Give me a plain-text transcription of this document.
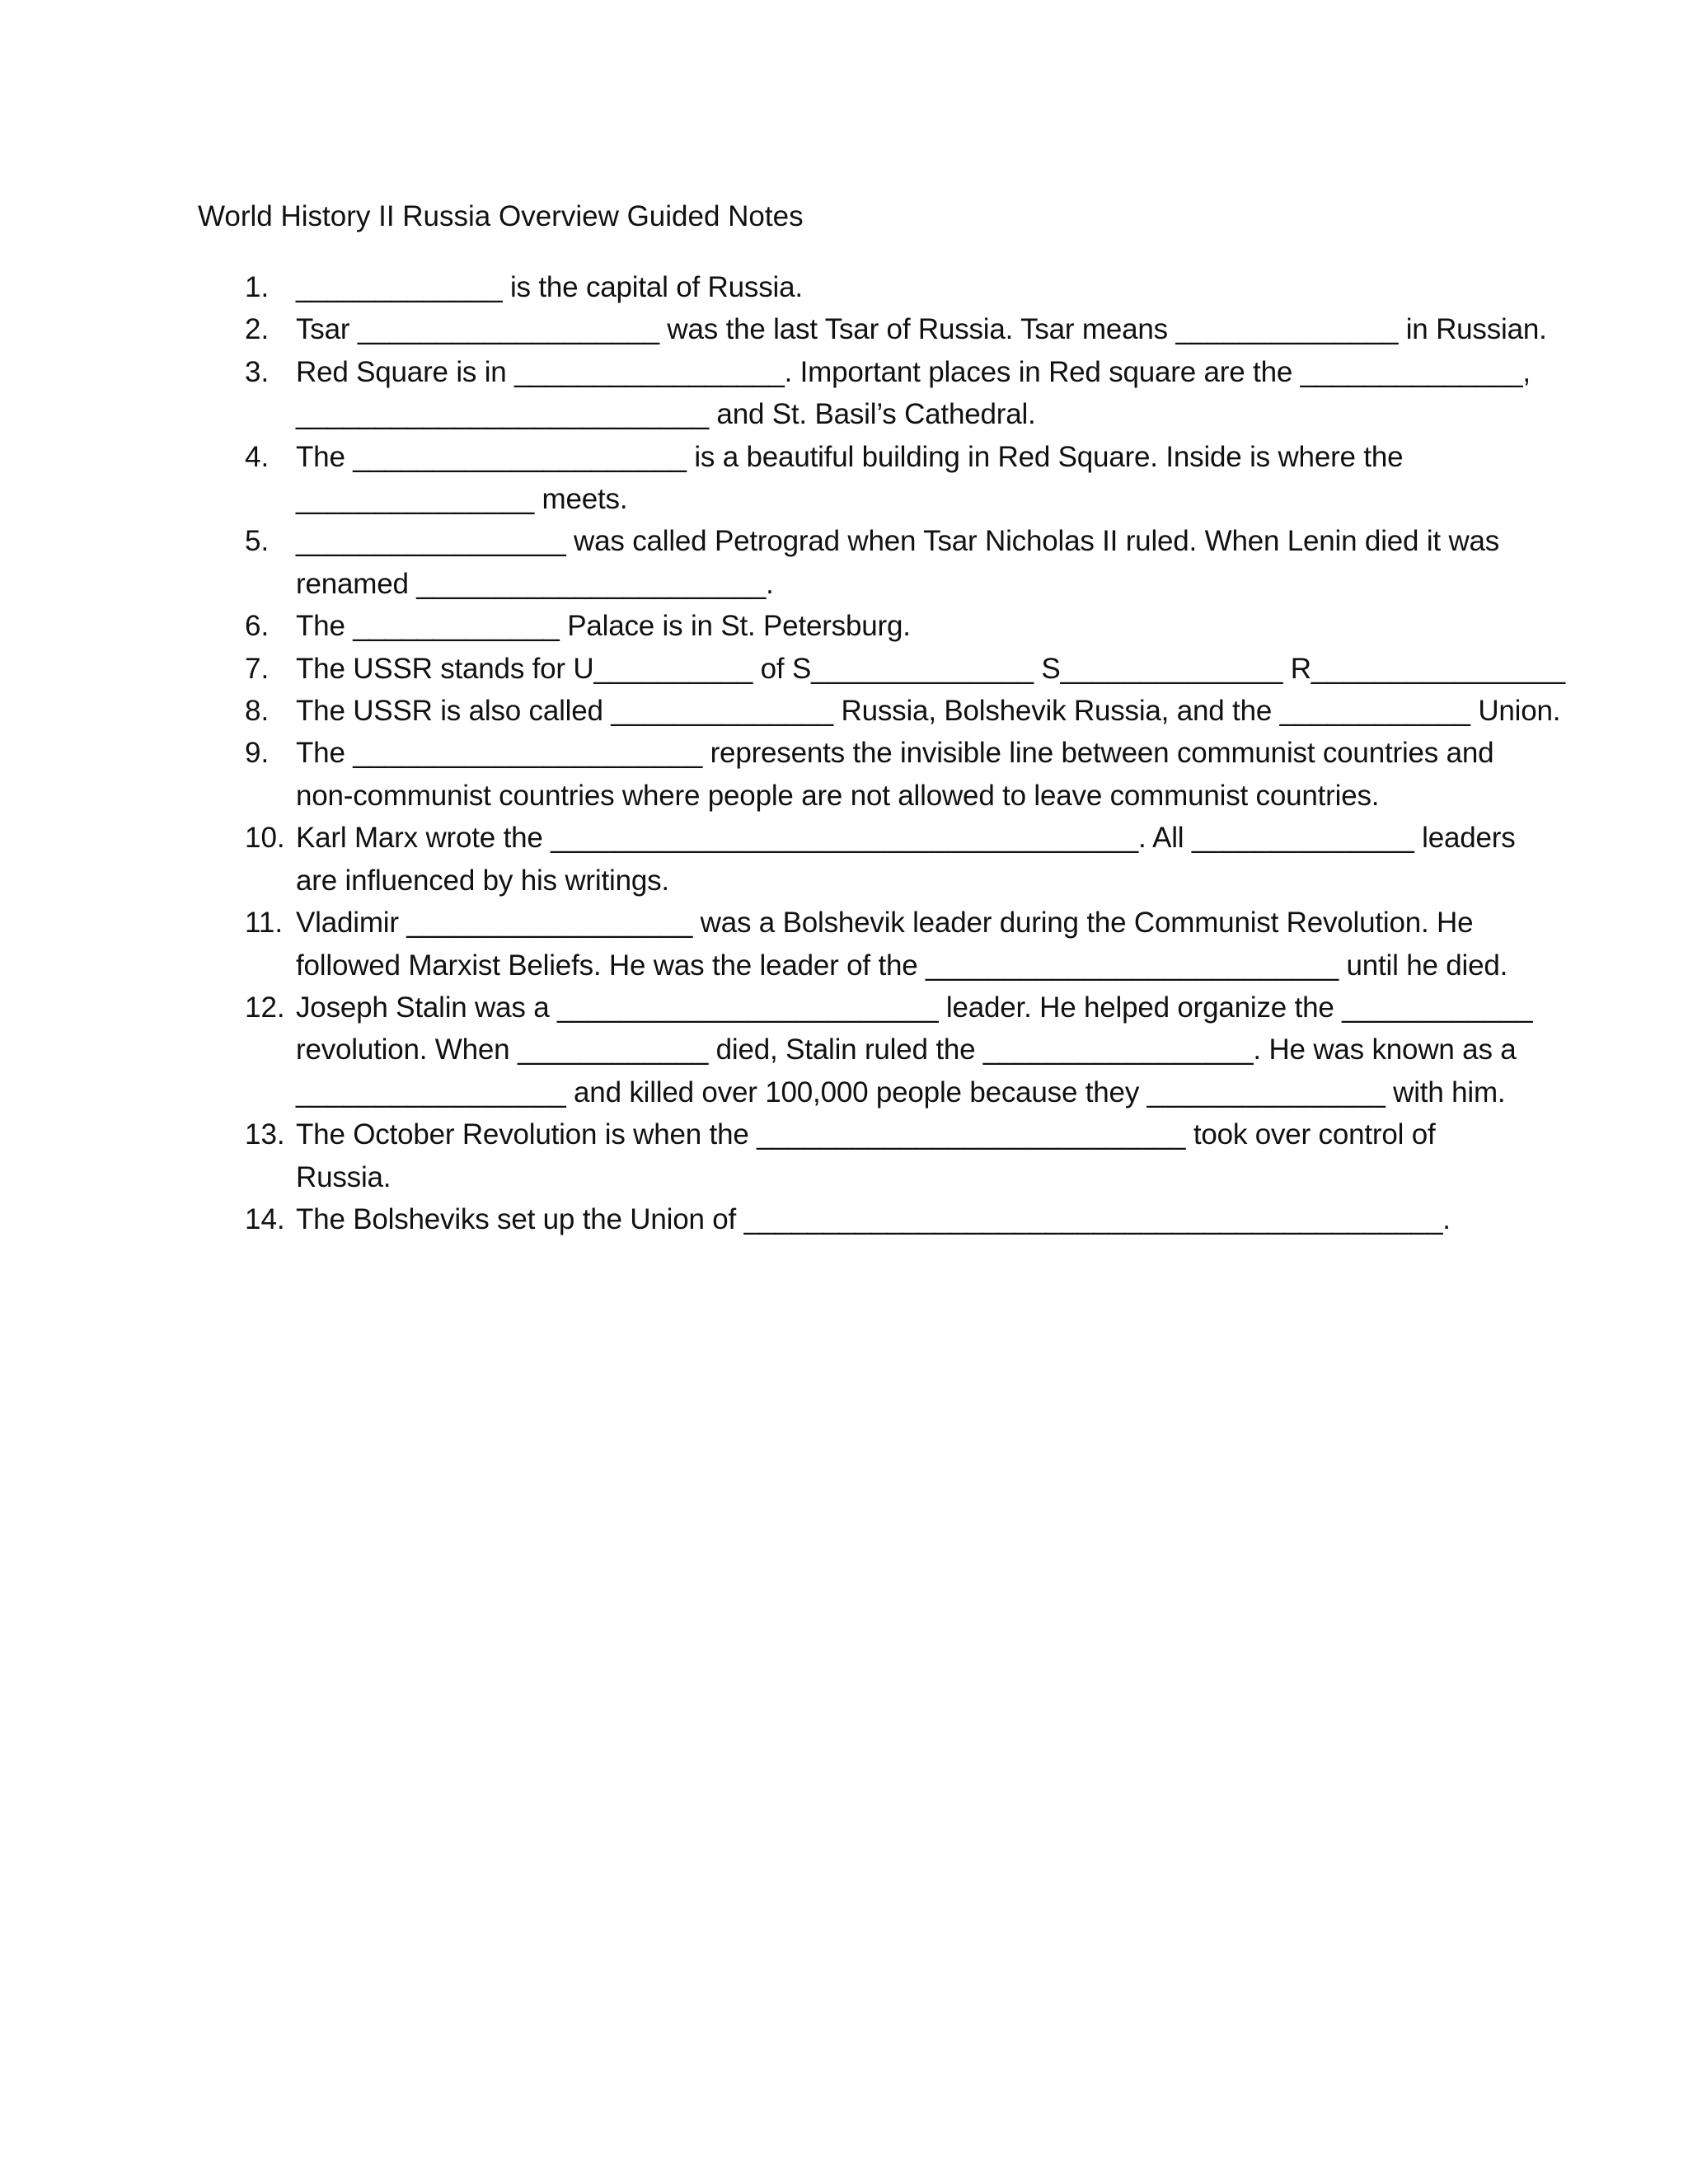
World History II Russia Overview Guided Notes
1. _____________ is the capital of Russia.
2. Tsar ___________________ was the last Tsar of Russia. Tsar means ______________ in Russian.
3. Red Square is in _________________. Important places in Red square are the ______________,
__________________________ and St. Basil’s Cathedral.
4. The _____________________ is a beautiful building in Red Square. Inside is where the
_______________ meets.
5. _________________ was called Petrograd when Tsar Nicholas II ruled. When Lenin died it was
renamed ______________________.
6. The _____________ Palace is in St. Petersburg.
7. The USSR stands for U__________ of S______________ S______________ R________________
8. The USSR is also called ______________ Russia, Bolshevik Russia, and the ____________ Union.
9. The ______________________ represents the invisible line between communist countries and
non-communist countries where people are not allowed to leave communist countries.
10. Karl Marx wrote the _____________________________________. All ______________ leaders
are influenced by his writings.
11. Vladimir __________________ was a Bolshevik leader during the Communist Revolution. He
followed Marxist Beliefs. He was the leader of the __________________________ until he died.
12. Joseph Stalin was a ________________________ leader. He helped organize the ____________
revolution. When ____________ died, Stalin ruled the _________________. He was known as a
_________________ and killed over 100,000 people because they _______________ with him.
13. The October Revolution is when the ___________________________ took over control of
Russia.
14. The Bolsheviks set up the Union of ____________________________________________.
